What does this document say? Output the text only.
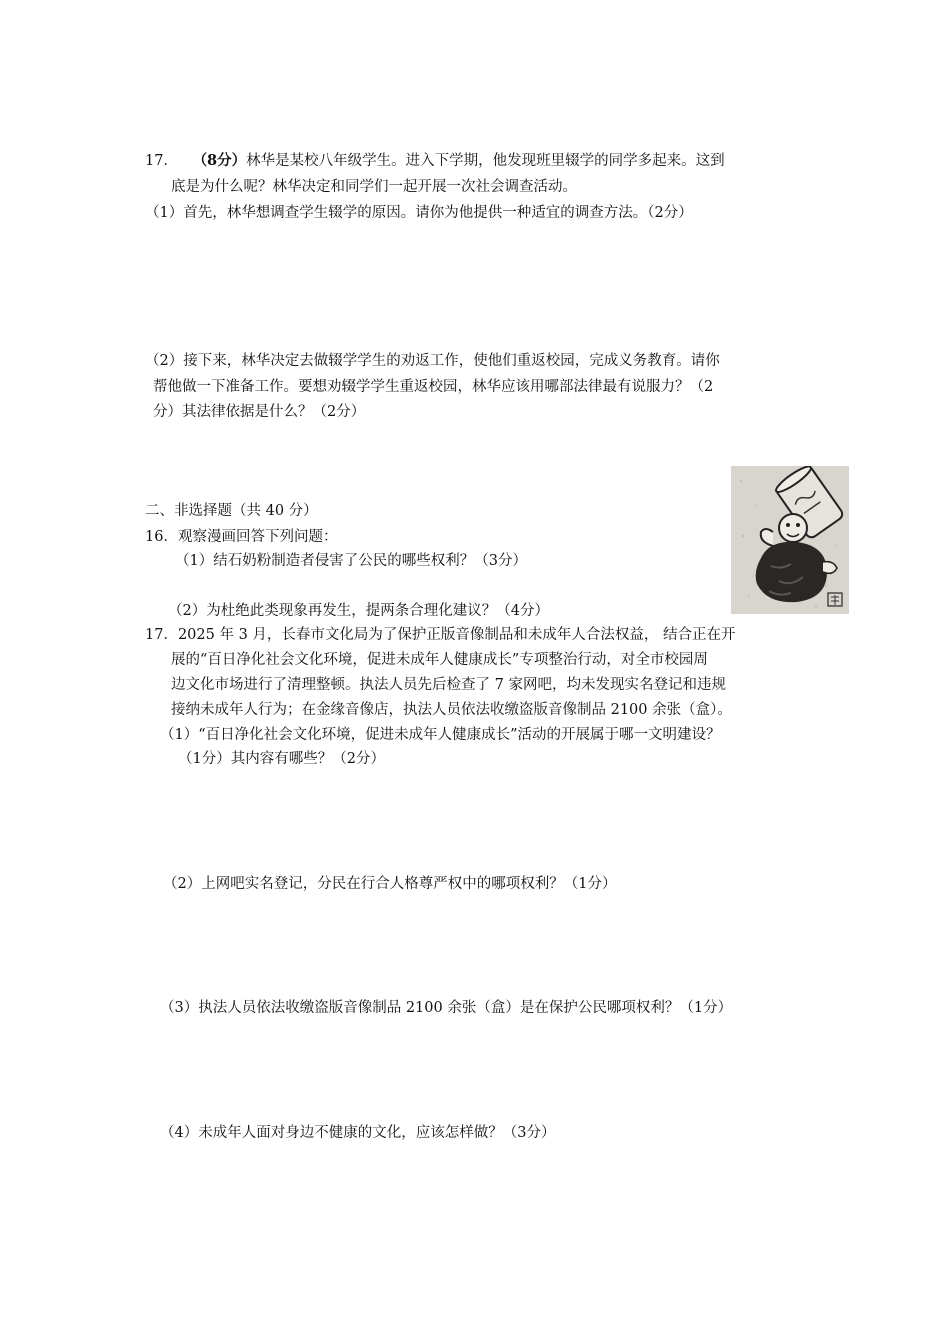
17． （8分）林华是某校八年级学生。进入下学期，他发现班里辍学的同学多起来。这到
底是为什么呢？林华决定和同学们一起开展一次社会调查活动。
（1）首先，林华想调查学生辍学的原因。请你为他提供一种适宜的调查方法。（2分）
（2）接下来，林华决定去做辍学学生的劝返工作，使他们重返校园，完成义务教育。请你
帮他做一下准备工作。要想劝辍学学生重返校园，林华应该用哪部法律最有说服力？（2
分）其法律依据是什么？（2分）
二、非选择题（共 40 分）
16．观察漫画回答下列问题：
（1）结石奶粉制造者侵害了公民的哪些权利？（3分）
（2）为杜绝此类现象再发生，提两条合理化建议？（4分）
17．2025 年 3 月，长春市文化局为了保护正版音像制品和未成年人合法权益， 结合正在开
展的“百日净化社会文化环境，促进未成年人健康成长”专项整治行动，对全市校园周
边文化市场进行了清理整顿。执法人员先后检查了 7 家网吧，均未发现实名登记和违规
接纳未成年人行为；在金缘音像店，执法人员依法收缴盗版音像制品 2100 余张（盒）。
（1）“百日净化社会文化环境，促进未成年人健康成长”活动的开展属于哪一文明建设？
（1分）其内容有哪些？（2分）
（2）上网吧实名登记，分民在行合人格尊严权中的哪项权利？（1分）
（3）执法人员依法收缴盗版音像制品 2100 余张（盒）是在保护公民哪项权利？（1分）
（4）未成年人面对身边不健康的文化，应该怎样做？（3分）
